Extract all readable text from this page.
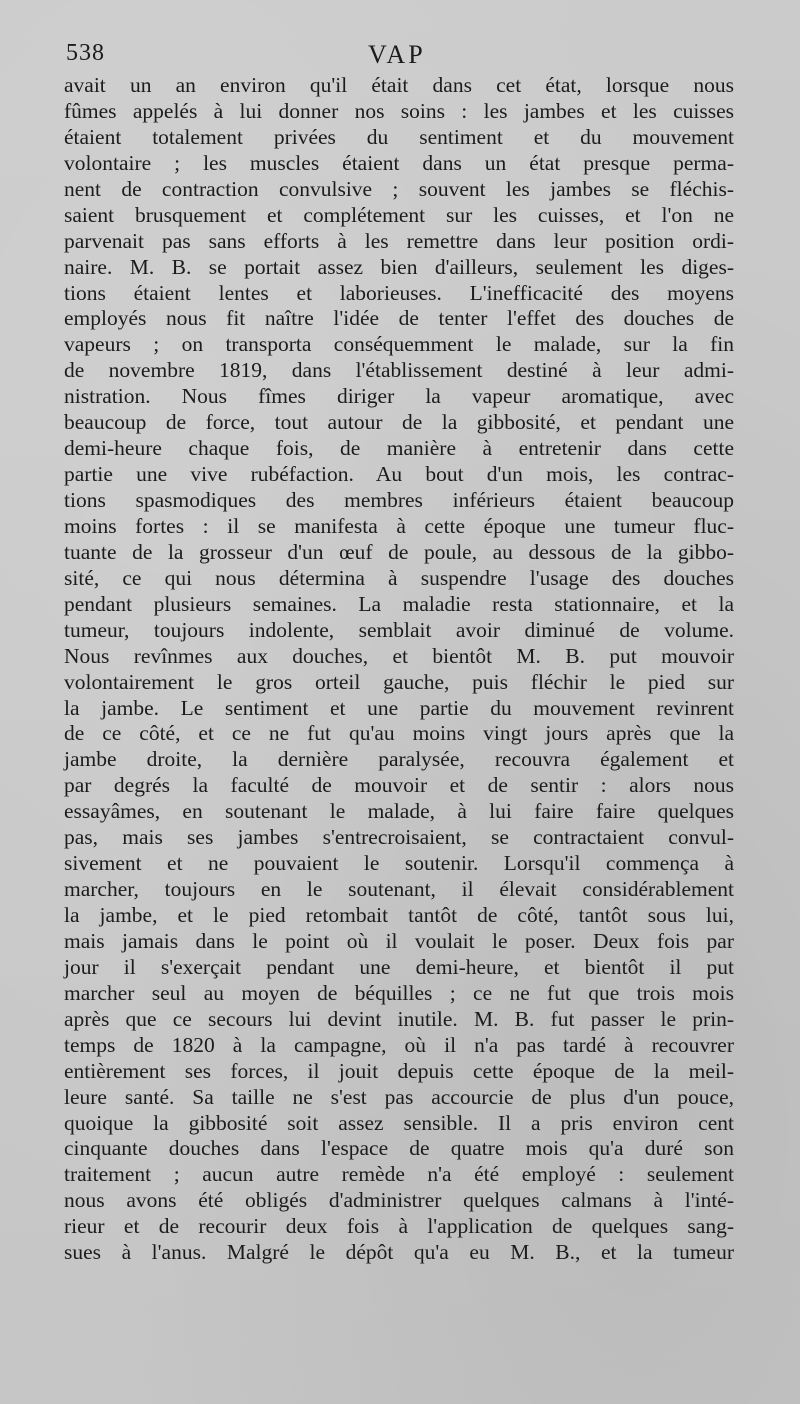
538	VAP
avait un an environ qu'il était dans cet état, lorsque nous
fûmes appelés à lui donner nos soins : les jambes et les cuisses
étaient totalement privées du sentiment et du mouvement
volontaire ; les muscles étaient dans un état presque perma-
nent de contraction convulsive ; souvent les jambes se fléchis-
saient brusquement et complétement sur les cuisses, et l'on ne
parvenait pas sans efforts à les remettre dans leur position ordi-
naire. M. B. se portait assez bien d'ailleurs, seulement les diges-
tions étaient lentes et laborieuses. L'inefficacité des moyens
employés nous fit naître l'idée de tenter l'effet des douches de
vapeurs ; on transporta conséquemment le malade, sur la fin
de novembre 1819, dans l'établissement destiné à leur admi-
nistration. Nous fîmes diriger la vapeur aromatique, avec
beaucoup de force, tout autour de la gibbosité, et pendant une
demi-heure chaque fois, de manière à entretenir dans cette
partie une vive rubéfaction. Au bout d'un mois, les contrac-
tions spasmodiques des membres inférieurs étaient beaucoup
moins fortes : il se manifesta à cette époque une tumeur fluc-
tuante de la grosseur d'un œuf de poule, au dessous de la gibbo-
sité, ce qui nous détermina à suspendre l'usage des douches
pendant plusieurs semaines. La maladie resta stationnaire, et la
tumeur, toujours indolente, semblait avoir diminué de volume.
Nous revînmes aux douches, et bientôt M. B. put mouvoir
volontairement le gros orteil gauche, puis fléchir le pied sur
la jambe. Le sentiment et une partie du mouvement revinrent
de ce côté, et ce ne fut qu'au moins vingt jours après que la
jambe droite, la dernière paralysée, recouvra également et
par degrés la faculté de mouvoir et de sentir : alors nous
essayâmes, en soutenant le malade, à lui faire faire quelques
pas, mais ses jambes s'entrecroisaient, se contractaient convul-
sivement et ne pouvaient le soutenir. Lorsqu'il commença à
marcher, toujours en le soutenant, il élevait considérablement
la jambe, et le pied retombait tantôt de côté, tantôt sous lui,
mais jamais dans le point où il voulait le poser. Deux fois par
jour il s'exerçait pendant une demi-heure, et bientôt il put
marcher seul au moyen de béquilles ; ce ne fut que trois mois
après que ce secours lui devint inutile. M. B. fut passer le prin-
temps de 1820 à la campagne, où il n'a pas tardé à recouvrer
entièrement ses forces, il jouit depuis cette époque de la meil-
leure santé. Sa taille ne s'est pas accourcie de plus d'un pouce,
quoique la gibbosité soit assez sensible. Il a pris environ cent
cinquante douches dans l'espace de quatre mois qu'a duré son
traitement ; aucun autre remède n'a été employé : seulement
nous avons été obligés d'administrer quelques calmans à l'inté-
rieur et de recourir deux fois à l'application de quelques sang-
sues à l'anus. Malgré le dépôt qu'a eu M. B., et la tumeur
